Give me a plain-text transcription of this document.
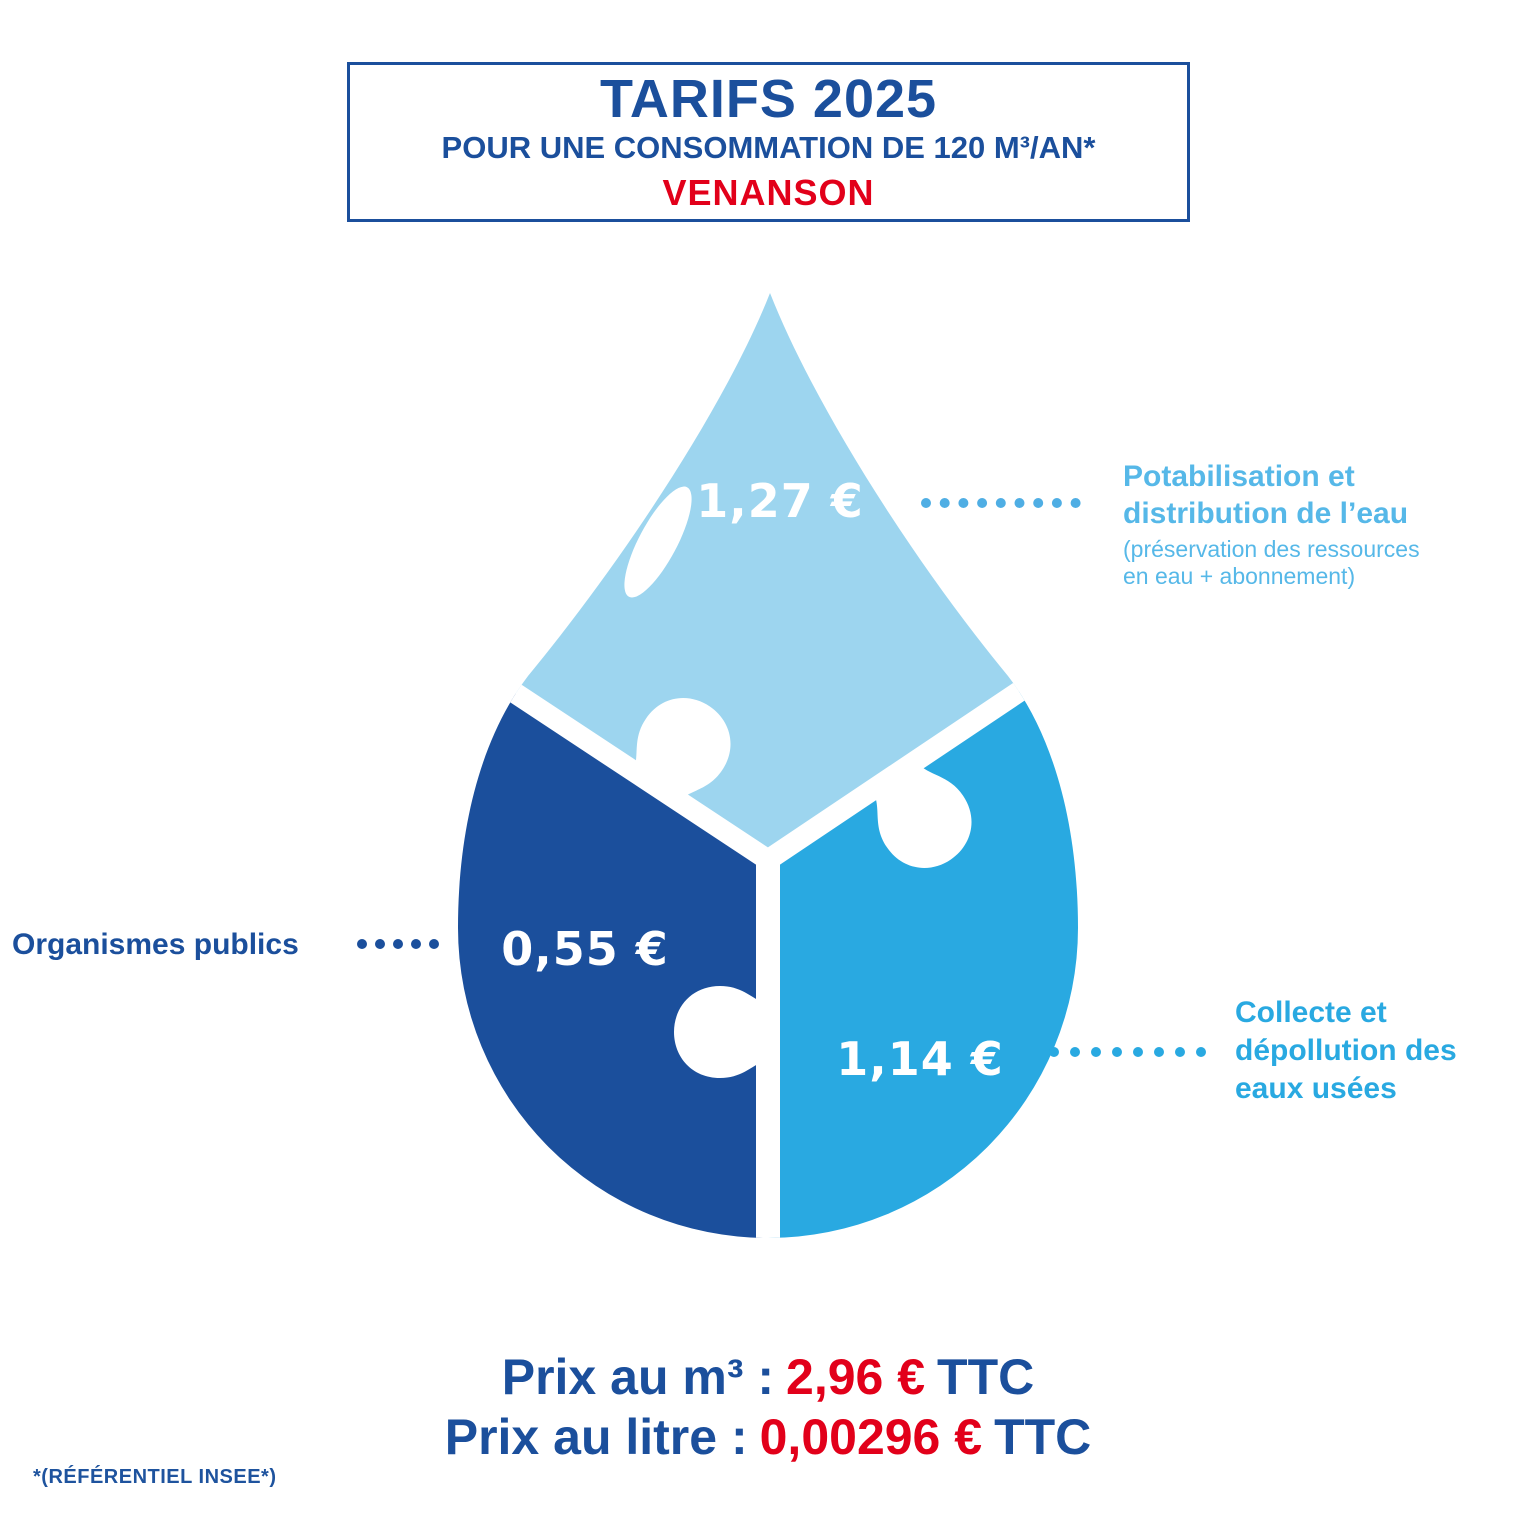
TARIFS 2025
POUR UNE CONSOMMATION DE 120 M³/AN*
VENANSON
1,27 €
0,55 €
1,14 €
Potabilisation et
distribution de l’eau
(préservation des ressources
en eau + abonnement)
Organismes publics
Collecte et
dépollution des
eaux usées
Prix au m³ : 2,96 € TTC
Prix au litre : 0,00296 € TTC
*(RÉFÉRENTIEL INSEE*)
